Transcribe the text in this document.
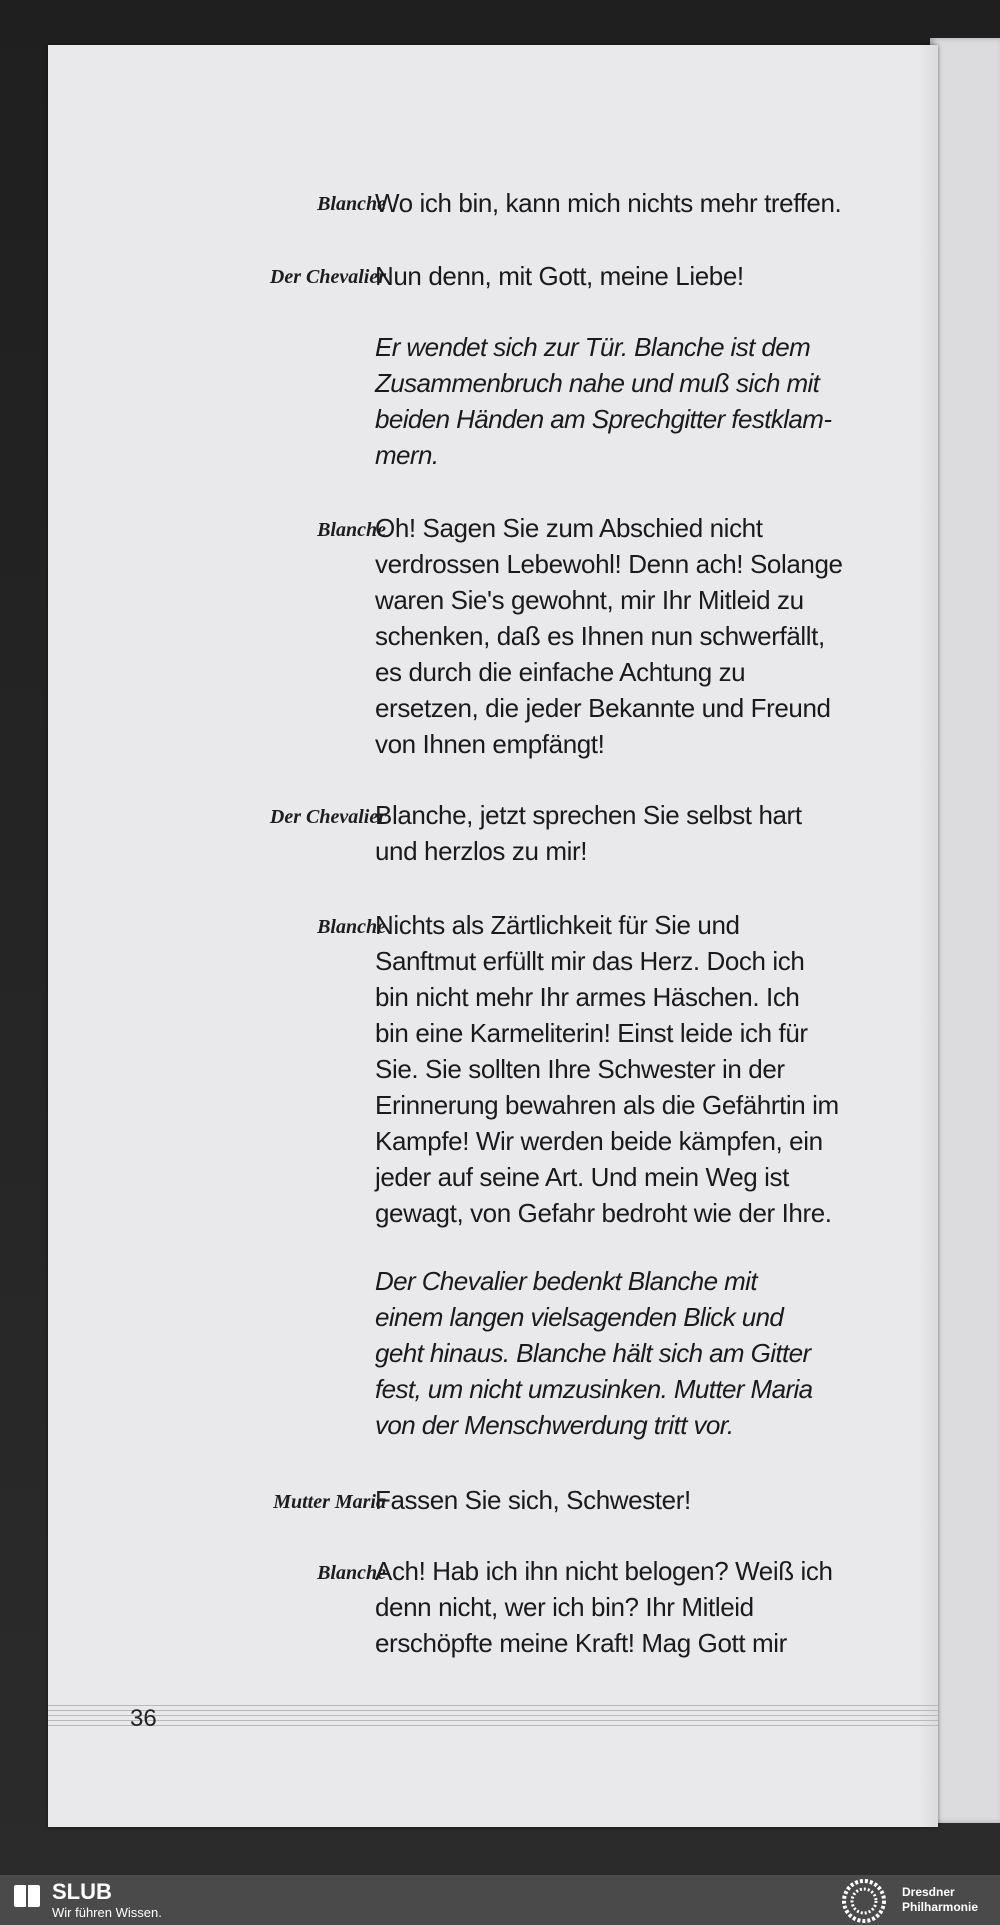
Blanche
Wo ich bin, kann mich nichts mehr treffen.
Der Chevalier
Nun denn, mit Gott, meine Liebe!
Er wendet sich zur Tür. Blanche ist dem
Zusammenbruch nahe und muß sich mit
beiden Händen am Sprechgitter festklam-
mern.
Blanche
Oh! Sagen Sie zum Abschied nicht
verdrossen Lebewohl! Denn ach! Solange
waren Sie's gewohnt, mir Ihr Mitleid zu
schenken, daß es Ihnen nun schwerfällt,
es durch die einfache Achtung zu
ersetzen, die jeder Bekannte und Freund
von Ihnen empfängt!
Der Chevalier
Blanche, jetzt sprechen Sie selbst hart
und herzlos zu mir!
Blanche
Nichts als Zärtlichkeit für Sie und
Sanftmut erfüllt mir das Herz. Doch ich
bin nicht mehr Ihr armes Häschen. Ich
bin eine Karmeliterin! Einst leide ich für
Sie. Sie sollten Ihre Schwester in der
Erinnerung bewahren als die Gefährtin im
Kampfe! Wir werden beide kämpfen, ein
jeder auf seine Art. Und mein Weg ist
gewagt, von Gefahr bedroht wie der Ihre.
Der Chevalier bedenkt Blanche mit
einem langen vielsagenden Blick und
geht hinaus. Blanche hält sich am Gitter
fest, um nicht umzusinken. Mutter Maria
von der Menschwerdung tritt vor.
Mutter Maria
Fassen Sie sich, Schwester!
Blanche
Ach! Hab ich ihn nicht belogen? Weiß ich
denn nicht, wer ich bin? Ihr Mitleid
erschöpfte meine Kraft! Mag Gott mir
36
SLUB
Wir führen Wissen.
Dresdner
Philharmonie
